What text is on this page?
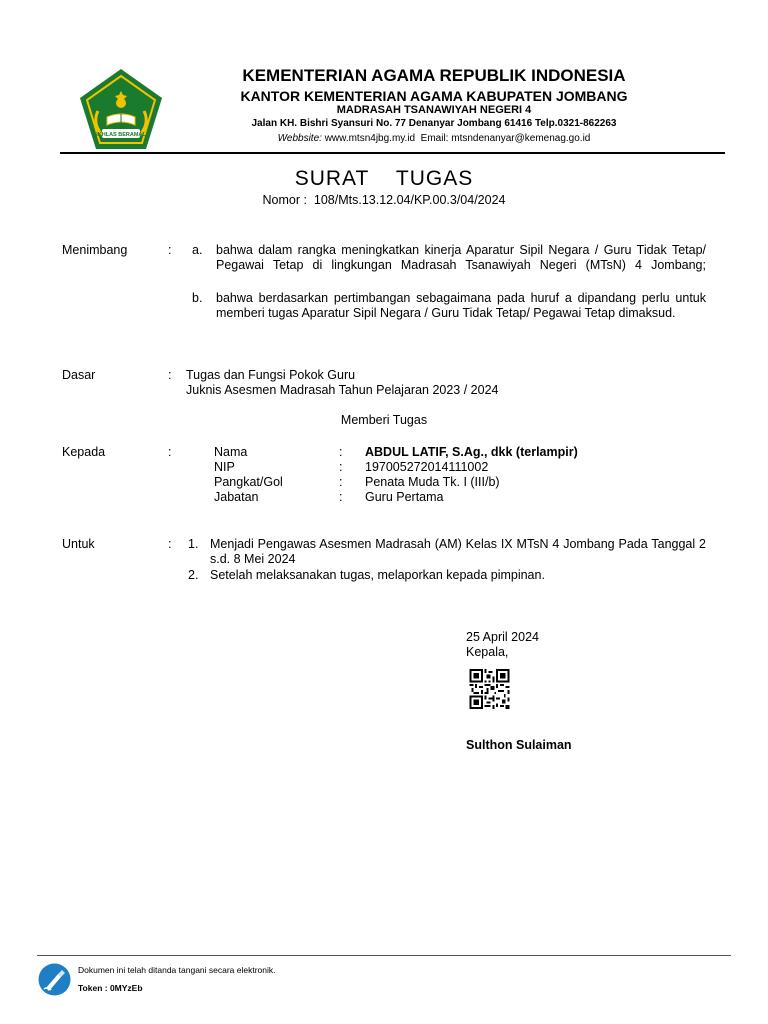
IKHLAS BERAMAL
KEMENTERIAN AGAMA REPUBLIK INDONESIA
KANTOR KEMENTERIAN AGAMA KABUPATEN JOMBANG
MADRASAH TSANAWIYAH NEGERI 4
Jalan KH. Bishri Syansuri No. 77 Denanyar Jombang 61416 Telp.0321-862263
Webbsite: www.mtsn4jbg.my.id Email: mtsndenanyar@kemenag.go.id
SURAT    TUGAS
Nomor :  108/Mts.13.12.04/KP.00.3/04/2024
Menimbang	: a. bahwa dalam rangka meningkatkan kinerja Aparatur Sipil Negara / Guru Tidak Tetap/ Pegawai Tetap di lingkungan Madrasah Tsanawiyah Negeri (MTsN) 4 Jombang;
b. bahwa berdasarkan pertimbangan sebagaimana pada huruf a dipandang perlu untuk memberi tugas Aparatur Sipil Negara / Guru Tidak Tetap/ Pegawai Tetap dimaksud.
Dasar	: Tugas dan Fungsi Pokok Guru
Juknis Asesmen Madrasah Tahun Pelajaran 2023 / 2024
Memberi Tugas
Kepada	:	Nama	: ABDUL LATIF, S.Ag., dkk (terlampir)
NIP	: 197005272014111002
Pangkat/Gol	: Penata Muda Tk. I (III/b)
Jabatan	: Guru Pertama
Untuk	: 1. Menjadi Pengawas Asesmen Madrasah (AM) Kelas IX MTsN 4 Jombang Pada Tanggal 2 s.d. 8 Mei 2024
2. Setelah melaksanakan tugas, melaporkan kepada pimpinan.
25 April 2024
Kepala,
Sulthon Sulaiman
Dokumen ini telah ditanda tangani secara elektronik.
Token : 0MYzEb
